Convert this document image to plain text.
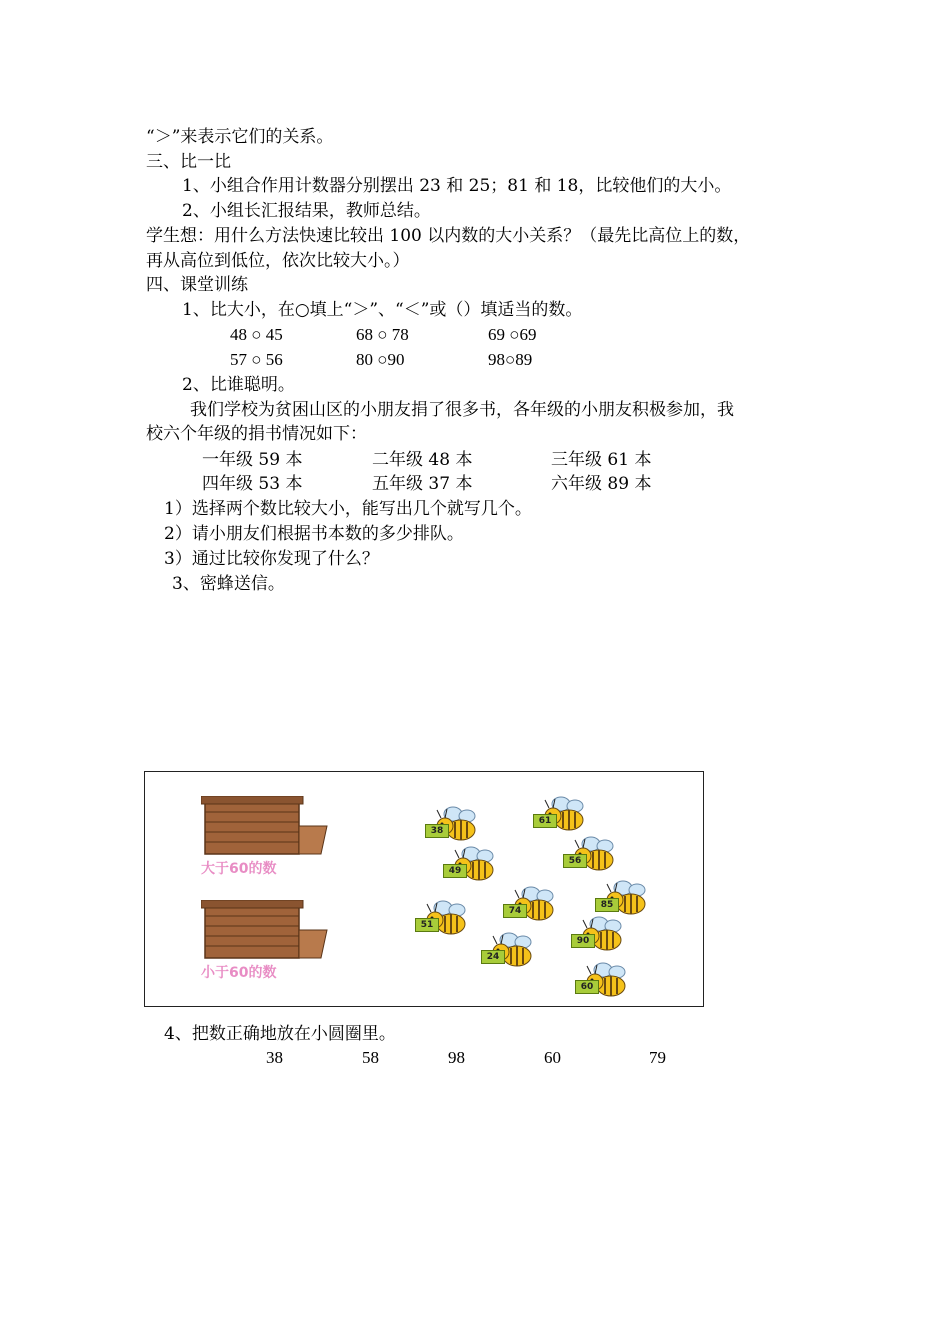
“＞”来表示它们的关系。
三、比一比
1、小组合作用计数器分别摆出 23 和 25；81 和 18，比较他们的大小。
2、小组长汇报结果，教师总结。
学生想：用什么方法快速比较出 100 以内数的大小关系？（最先比高位上的数，
再从高位到低位，依次比较大小。）
四、课堂训练
1、比大小，在○填上“＞”、“＜”或（）填适当的数。
48 ○ 45	68 ○ 78	69 ○69
57 ○ 56	80 ○90	98○89
2、比谁聪明。
我们学校为贫困山区的小朋友捐了很多书，各年级的小朋友积极参加，我
校六个年级的捐书情况如下：
一年级 59 本	二年级 48 本	三年级 61 本
四年级 53 本	五年级 37 本	六年级 89 本
1）选择两个数比较大小，能写出几个就写几个。
2）请小朋友们根据书本数的多少排队。
3）通过比较你发现了什么？
3、密蜂送信。
大于60的数
小于60的数
38
61
49
56
85
74
51
90
24
60
4、把数正确地放在小圆圈里。
38	58	98	60	79
